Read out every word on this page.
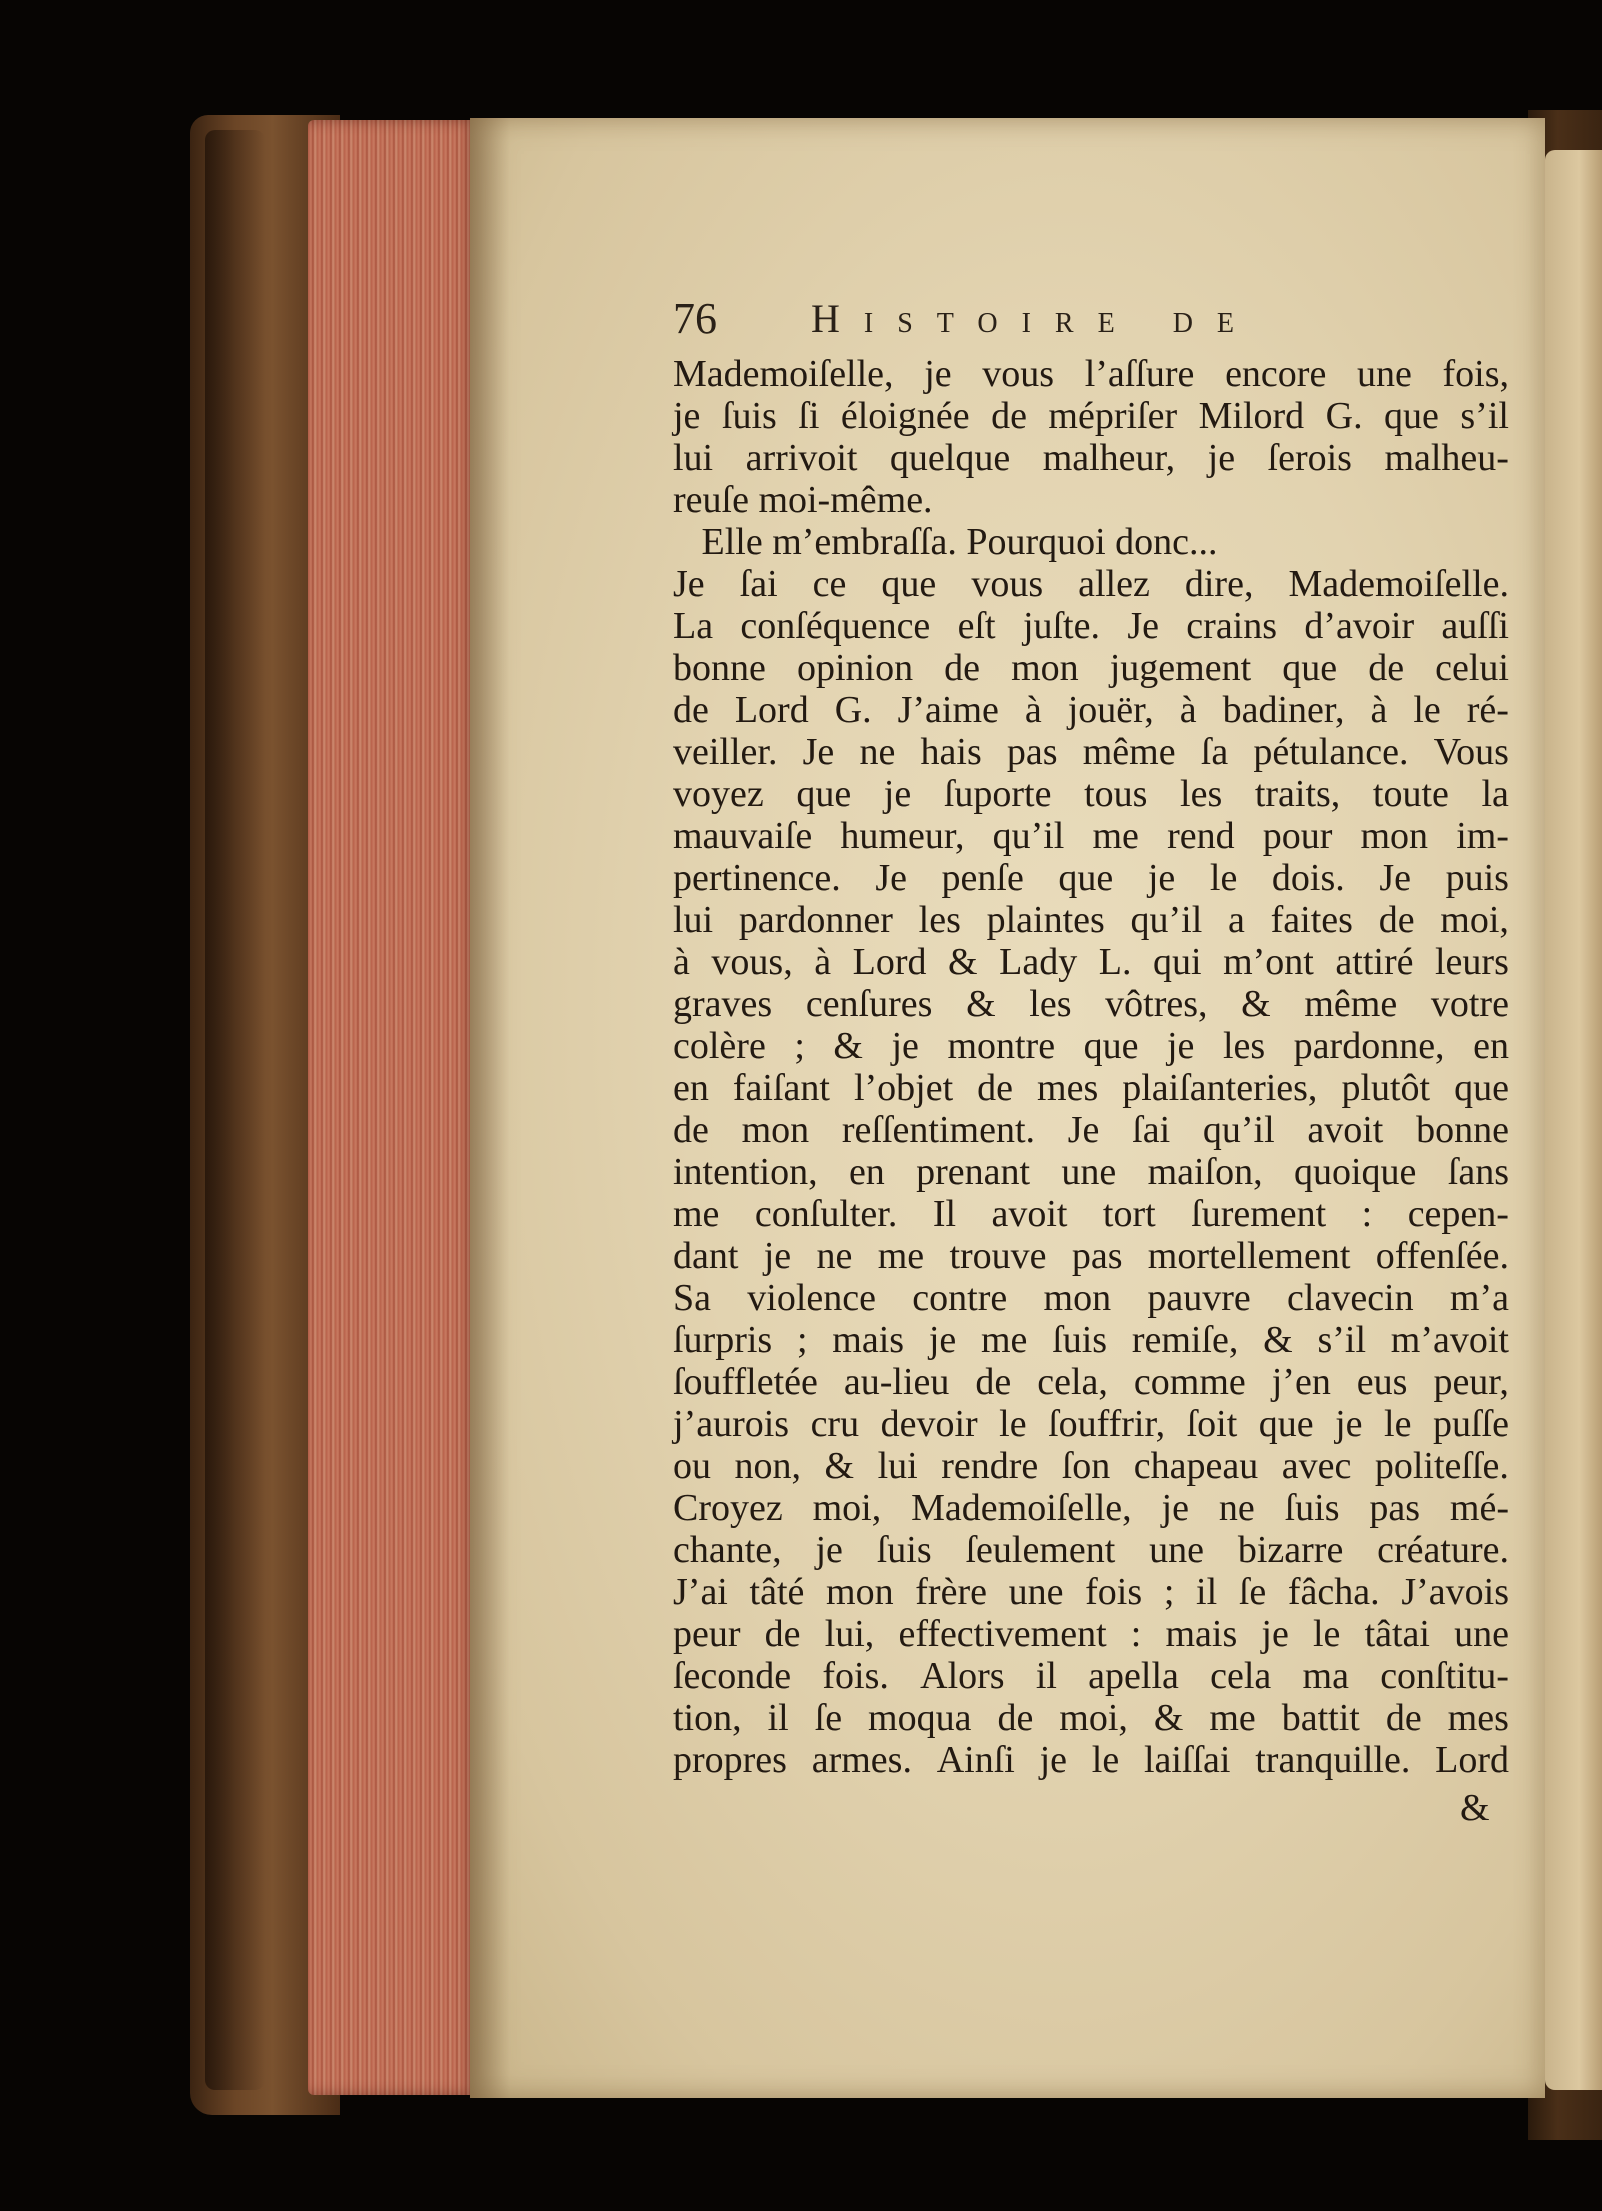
76 Histoire de
Mademoiſelle, je vous l’aſſure encore une fois,
je ſuis ſi éloignée de mépriſer Milord G. que s’il
lui arrivoit quelque malheur, je ſerois malheu-
reuſe moi-même.
Elle m’embraſſa. Pourquoi donc...
Je ſai ce que vous allez dire, Mademoiſelle.
La conſéquence eſt juſte. Je crains d’avoir auſſi
bonne opinion de mon jugement que de celui
de Lord G. J’aime à jouër, à badiner, à le ré-
veiller. Je ne hais pas même ſa pétulance. Vous
voyez que je ſuporte tous les traits, toute la
mauvaiſe humeur, qu’il me rend pour mon im-
pertinence. Je penſe que je le dois. Je puis
lui pardonner les plaintes qu’il a faites de moi,
à vous, à Lord & Lady L. qui m’ont attiré leurs
graves cenſures & les vôtres, & même votre
colère ; & je montre que je les pardonne, en
en faiſant l’objet de mes plaiſanteries, plutôt que
de mon reſſentiment. Je ſai qu’il avoit bonne
intention, en prenant une maiſon, quoique ſans
me conſulter. Il avoit tort ſurement : cepen-
dant je ne me trouve pas mortellement offenſée.
Sa violence contre mon pauvre clavecin m’a
ſurpris ; mais je me ſuis remiſe, & s’il m’avoit
ſouffletée au-lieu de cela, comme j’en eus peur,
j’aurois cru devoir le ſouffrir, ſoit que je le puſſe
ou non, & lui rendre ſon chapeau avec politeſſe.
Croyez moi, Mademoiſelle, je ne ſuis pas mé-
chante, je ſuis ſeulement une bizarre créature.
J’ai tâté mon frère une fois ; il ſe fâcha. J’avois
peur de lui, effectivement : mais je le tâtai une
ſeconde fois. Alors il apella cela ma conſtitu-
tion, il ſe moqua de moi, & me battit de mes
propres armes. Ainſi je le laiſſai tranquille. Lord
&
